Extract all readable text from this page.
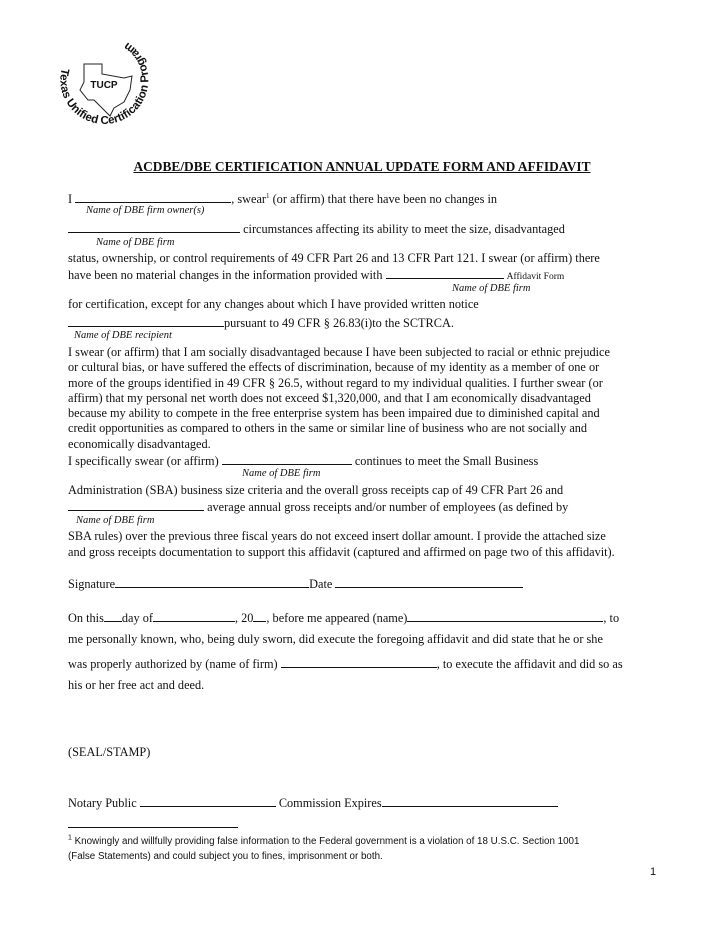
Texas Unified Certification Program
TUCP
ACDBE/DBE CERTIFICATION ANNUAL UPDATE FORM AND AFFIDAVIT
I	, swear$^1$ (or affirm) that there have been no changes in
Name of DBE firm owner(s)
circumstances affecting its ability to meet the size, disadvantaged
Name of DBE firm
status, ownership, or control requirements of 49 CFR Part 26 and 13 CFR Part 121. I swear (or affirm) there
have been no material changes in the information provided with	Affidavit Form
Name of DBE firm
for certification, except for any changes about which I have provided written notice
pursuant to 49 CFR § 26.83(i)to the SCTRCA.
Name of DBE recipient
I swear (or affirm) that I am socially disadvantaged because I have been subjected to racial or ethnic prejudice
or cultural bias, or have suffered the effects of discrimination, because of my identity as a member of one or
more of the groups identified in 49 CFR § 26.5, without regard to my individual qualities. I further swear (or
affirm) that my personal net worth does not exceed $1,320,000, and that I am economically disadvantaged
because my ability to compete in the free enterprise system has been impaired due to diminished capital and
credit opportunities as compared to others in the same or similar line of business who are not socially and
economically disadvantaged.
I specifically swear (or affirm)	continues to meet the Small Business
Name of DBE firm
Administration (SBA) business size criteria and the overall gross receipts cap of 49 CFR Part 26 and
average annual gross receipts and/or number of employees (as defined by
Name of DBE firm
SBA rules) over the previous three fiscal years do not exceed insert dollar amount. I provide the attached size
and gross receipts documentation to support this affidavit (captured and affirmed on page two of this affidavit).
Signature	Date
On this day of	, 20 , before me appeared (name)	, to
me personally known, who, being duly sworn, did execute the foregoing affidavit and did state that he or she
was properly authorized by (name of firm)	, to execute the affidavit and did so as
his or her free act and deed.
(SEAL/STAMP)
Notary Public	Commission Expires
$^1$ Knowingly and willfully providing false information to the Federal government is a violation of 18 U.S.C. Section 1001
(False Statements) and could subject you to fines, imprisonment or both.
1
